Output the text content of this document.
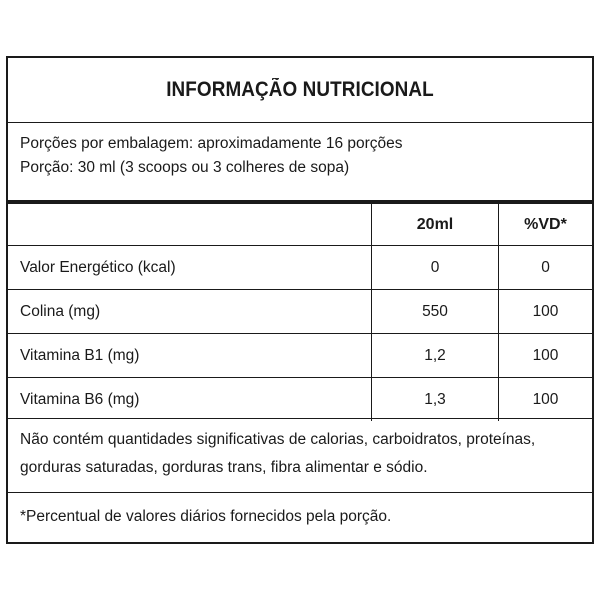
INFORMAÇÃO NUTRICIONAL
Porções por embalagem: aproximadamente 16 porções
Porção: 30 ml (3 scoops ou 3 colheres de sopa)
	20ml	%VD*
Valor Energético (kcal)	0	0
Colina (mg)	550	100
Vitamina B1 (mg)	1,2	100
Vitamina B6 (mg)	1,3	100
Não contém quantidades significativas de calorias, carboidratos, proteínas,
gorduras saturadas, gorduras trans, fibra alimentar e sódio.
*Percentual de valores diários fornecidos pela porção.
